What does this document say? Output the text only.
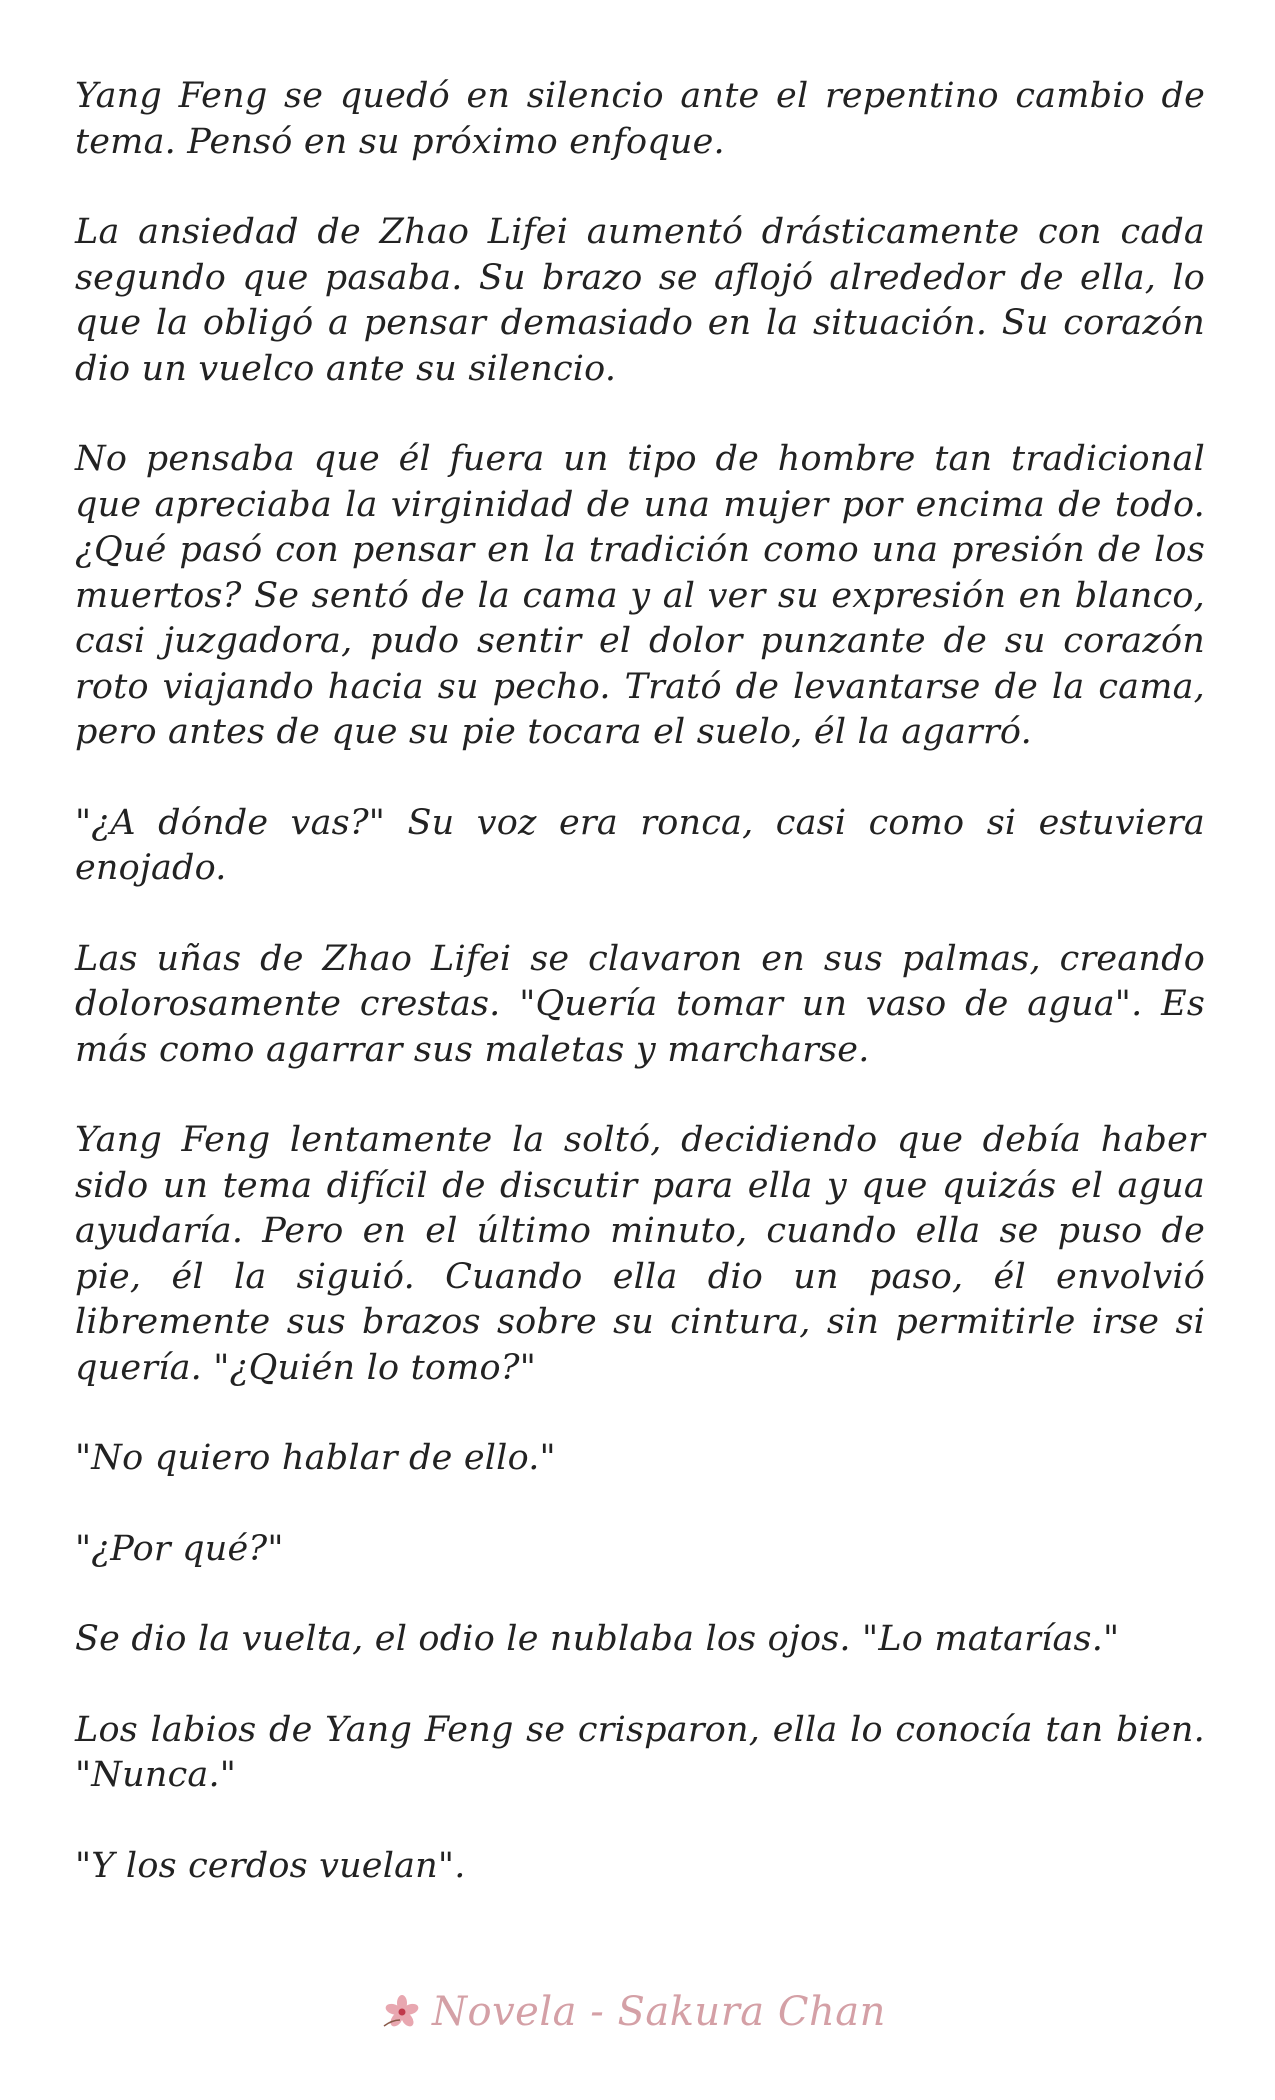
Yang Feng se quedó en silencio ante el repentino cambio de tema. Pensó en su próximo enfoque.

La ansiedad de Zhao Lifei aumentó drásticamente con cada segundo que pasaba. Su brazo se aflojó alrededor de ella, lo que la obligó a pensar demasiado en la situación. Su corazón dio un vuelco ante su silencio.

No pensaba que él fuera un tipo de hombre tan tradicional que apreciaba la virginidad de una mujer por encima de todo. ¿Qué pasó con pensar en la tradición como una presión de los muertos? Se sentó de la cama y al ver su expresión en blanco, casi juzgadora, pudo sentir el dolor punzante de su corazón roto viajando hacia su pecho. Trató de levantarse de la cama, pero antes de que su pie tocara el suelo, él la agarró.

"¿A dónde vas?" Su voz era ronca, casi como si estuviera enojado.

Las uñas de Zhao Lifei se clavaron en sus palmas, creando dolorosamente crestas. "Quería tomar un vaso de agua". Es más como agarrar sus maletas y marcharse.

Yang Feng lentamente la soltó, decidiendo que debía haber sido un tema difícil de discutir para ella y que quizás el agua ayudaría. Pero en el último minuto, cuando ella se puso de pie, él la siguió. Cuando ella dio un paso, él envolvió libremente sus brazos sobre su cintura, sin permitirle irse si quería. "¿Quién lo tomo?"

"No quiero hablar de ello."

"¿Por qué?"

Se dio la vuelta, el odio le nublaba los ojos. "Lo matarías."

Los labios de Yang Feng se crisparon, ella lo conocía tan bien. "Nunca."

"Y los cerdos vuelan".

Novela - Sakura Chan
